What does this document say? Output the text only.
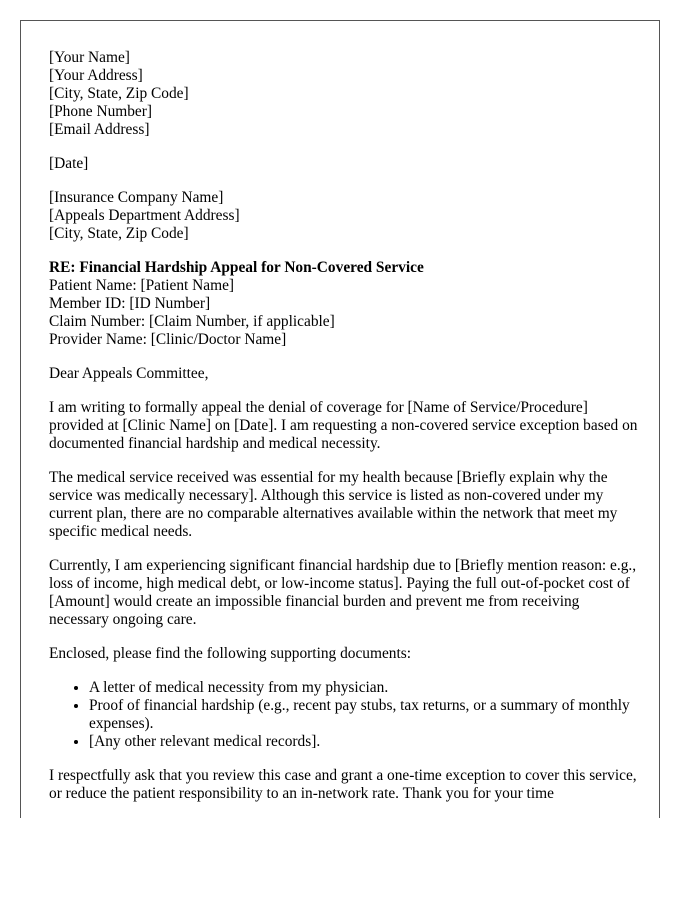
[Your Name]
[Your Address]
[City, State, Zip Code]
[Phone Number]
[Email Address]
[Date]
[Insurance Company Name]
[Appeals Department Address]
[City, State, Zip Code]
RE: Financial Hardship Appeal for Non-Covered Service
Patient Name: [Patient Name]
Member ID: [ID Number]
Claim Number: [Claim Number, if applicable]
Provider Name: [Clinic/Doctor Name]

Dear Appeals Committee,

I am writing to formally appeal the denial of coverage for [Name of Service/Procedure] provided at [Clinic Name] on [Date]. I am requesting a non-covered service exception based on documented financial hardship and medical necessity.

The medical service received was essential for my health because [Briefly explain why the service was medically necessary]. Although this service is listed as non-covered under my current plan, there are no comparable alternatives available within the network that meet my specific medical needs.

Currently, I am experiencing significant financial hardship due to [Briefly mention reason: e.g., loss of income, high medical debt, or low-income status]. Paying the full out-of-pocket cost of [Amount] would create an impossible financial burden and prevent me from receiving necessary ongoing care.

Enclosed, please find the following supporting documents:

• A letter of medical necessity from my physician.
• Proof of financial hardship (e.g., recent pay stubs, tax returns, or a summary of monthly expenses).
• [Any other relevant medical records].

I respectfully ask that you review this case and grant a one-time exception to cover this service, or reduce the patient responsibility to an in-network rate. Thank you for your time
